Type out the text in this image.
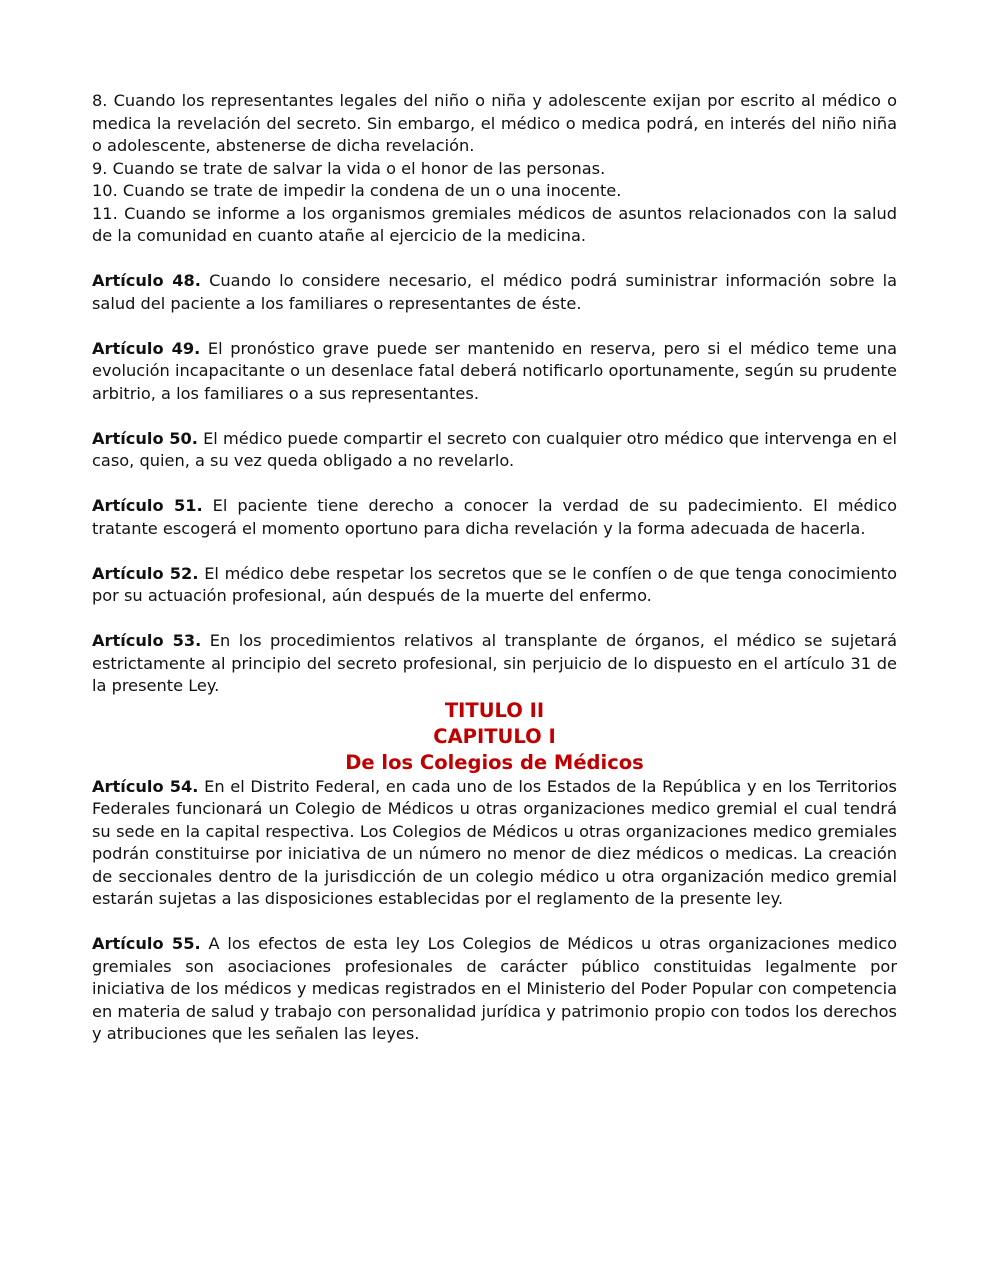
8. Cuando los representantes legales del niño o niña y adolescente exijan por escrito al médico o medica la revelación del secreto. Sin embargo, el médico o medica podrá, en interés del niño niña o adolescente, abstenerse de dicha revelación.

9. Cuando se trate de salvar la vida o el honor de las personas.

10. Cuando se trate de impedir la condena de un o una inocente.

11. Cuando se informe a los organismos gremiales médicos de asuntos relacionados con la salud de la comunidad en cuanto atañe al ejercicio de la medicina.

Artículo 48. Cuando lo considere necesario, el médico podrá suministrar información sobre la salud del paciente a los familiares o representantes de éste.

Artículo 49. El pronóstico grave puede ser mantenido en reserva, pero si el médico teme una evolución incapacitante o un desenlace fatal deberá notificarlo oportunamente, según su prudente arbitrio, a los familiares o a sus representantes.

Artículo 50. El médico puede compartir el secreto con cualquier otro médico que intervenga en el caso, quien, a su vez queda obligado a no revelarlo.

Artículo 51. El paciente tiene derecho a conocer la verdad de su padecimiento. El médico tratante escogerá el momento oportuno para dicha revelación y la forma adecuada de hacerla.

Artículo 52. El médico debe respetar los secretos que se le confíen o de que tenga conocimiento por su actuación profesional, aún después de la muerte del enfermo.

Artículo 53. En los procedimientos relativos al transplante de órganos, el médico se sujetará estrictamente al principio del secreto profesional, sin perjuicio de lo dispuesto en el artículo 31 de la presente Ley.

TITULO II

CAPITULO I

De los Colegios de Médicos

Artículo 54. En el Distrito Federal, en cada uno de los Estados de la República y en los Territorios Federales funcionará un Colegio de Médicos u otras organizaciones medico gremial el cual tendrá su sede en la capital respectiva. Los Colegios de Médicos u otras organizaciones medico gremiales podrán constituirse por iniciativa de un número no menor de diez médicos o medicas. La creación de seccionales dentro de la jurisdicción de un colegio médico u otra organización medico gremial estarán sujetas a las disposiciones establecidas por el reglamento de la presente ley.

Artículo 55. A los efectos de esta ley Los Colegios de Médicos u otras organizaciones medico gremiales son asociaciones profesionales de carácter público constituidas legalmente por iniciativa de los médicos y medicas registrados en el Ministerio del Poder Popular con competencia en materia de salud y trabajo con personalidad jurídica y patrimonio propio con todos los derechos y atribuciones que les señalen las leyes.
